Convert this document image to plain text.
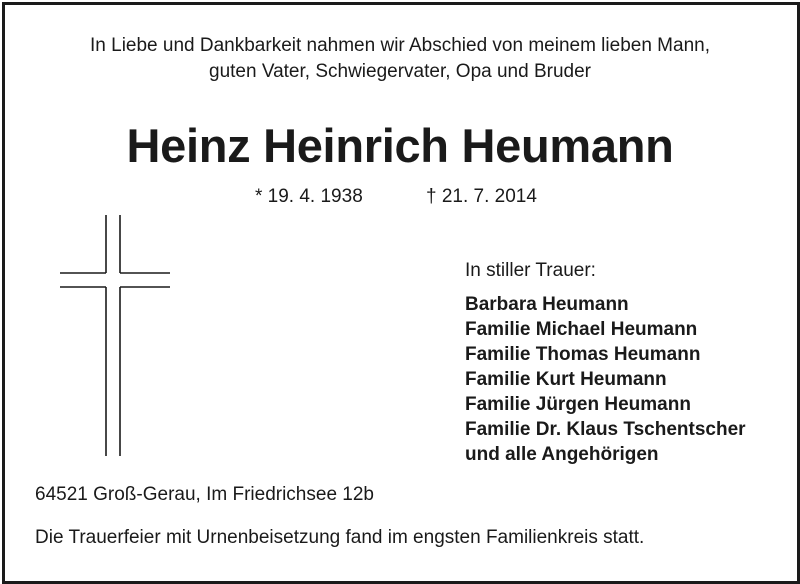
In Liebe und Dankbarkeit nahmen wir Abschied von meinem lieben Mann,
guten Vater, Schwiegervater, Opa und Bruder
Heinz Heinrich Heumann
* 19. 4. 1938	† 21. 7. 2014
In stiller Trauer:
Barbara Heumann
Familie Michael Heumann
Familie Thomas Heumann
Familie Kurt Heumann
Familie Jürgen Heumann
Familie Dr. Klaus Tschentscher
und alle Angehörigen
64521 Groß-Gerau, Im Friedrichsee 12b
Die Trauerfeier mit Urnenbeisetzung fand im engsten Familienkreis statt.
